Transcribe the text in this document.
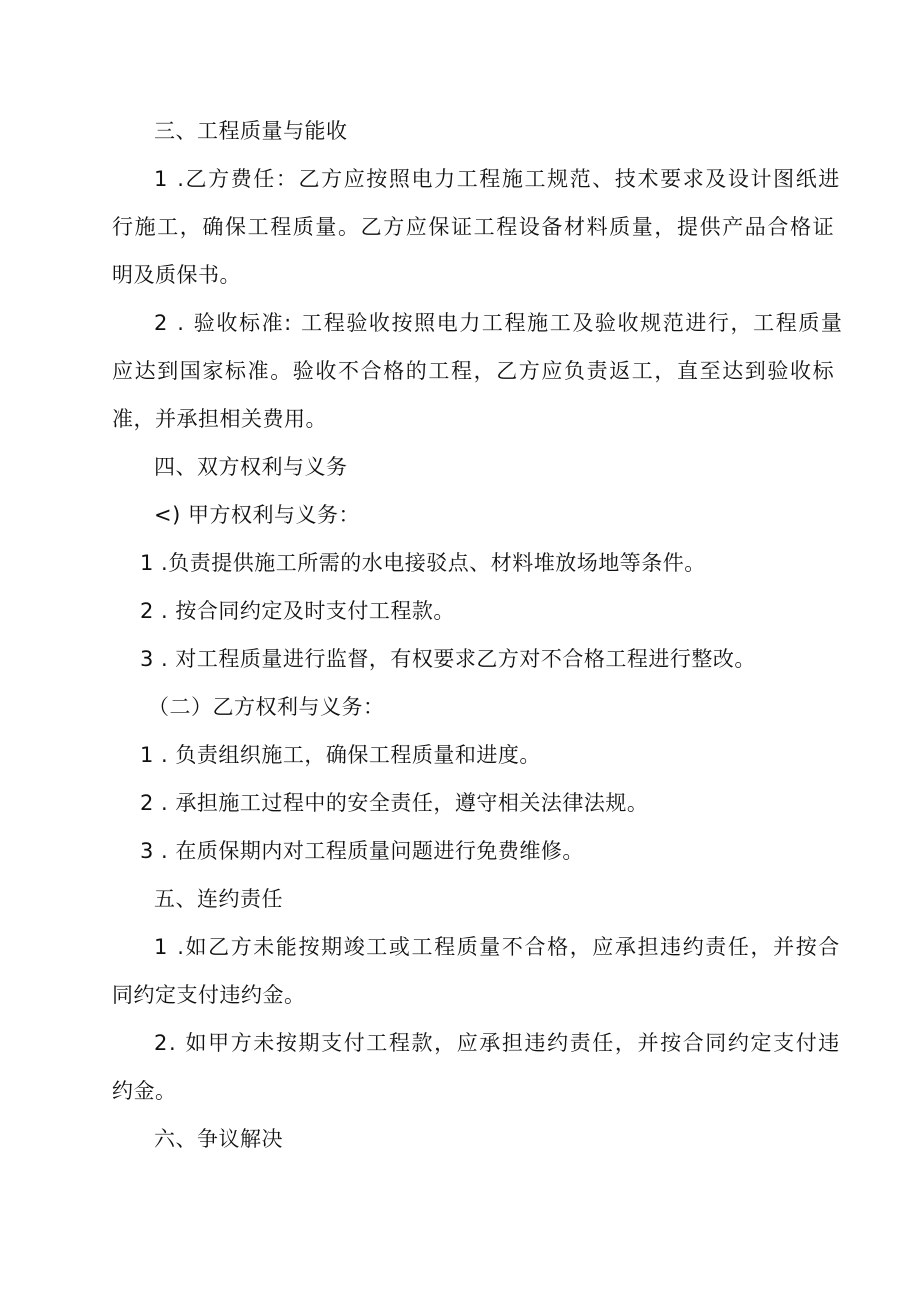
三、工程质量与能收
1 .乙方费任：乙方应按照电力工程施工规范、技术要求及设计图纸进
行施工，确保工程质量。乙方应保证工程设备材料质量，提供产品合格证
明及质保书。
2 . 验收标准: 工程验收按照电力工程施工及验收规范进行，工程质量
应达到国家标准。验收不合格的工程，乙方应负责返工，直至达到验收标
准，并承担相关费用。
四、双方权利与义务
<) 甲方权利与义务：
1 .负责提供施工所需的水电接驳点、材料堆放场地等条件。
2 . 按合同约定及时支付工程款。
3 . 对工程质量进行监督，有权要求乙方对不合格工程进行整改。
（二）乙方权利与义务：
1 . 负责组织施工，确保工程质量和进度。
2 . 承担施工过程中的安全责任，遵守相关法律法规。
3 . 在质保期内对工程质量问题进行免费维修。
五、连约责任
1 .如乙方未能按期竣工或工程质量不合格，应承担违约责任，并按合
同约定支付违约金。
2. 如甲方未按期支付工程款，应承担违约责任，并按合同约定支付违
约金。
六、争议解决
